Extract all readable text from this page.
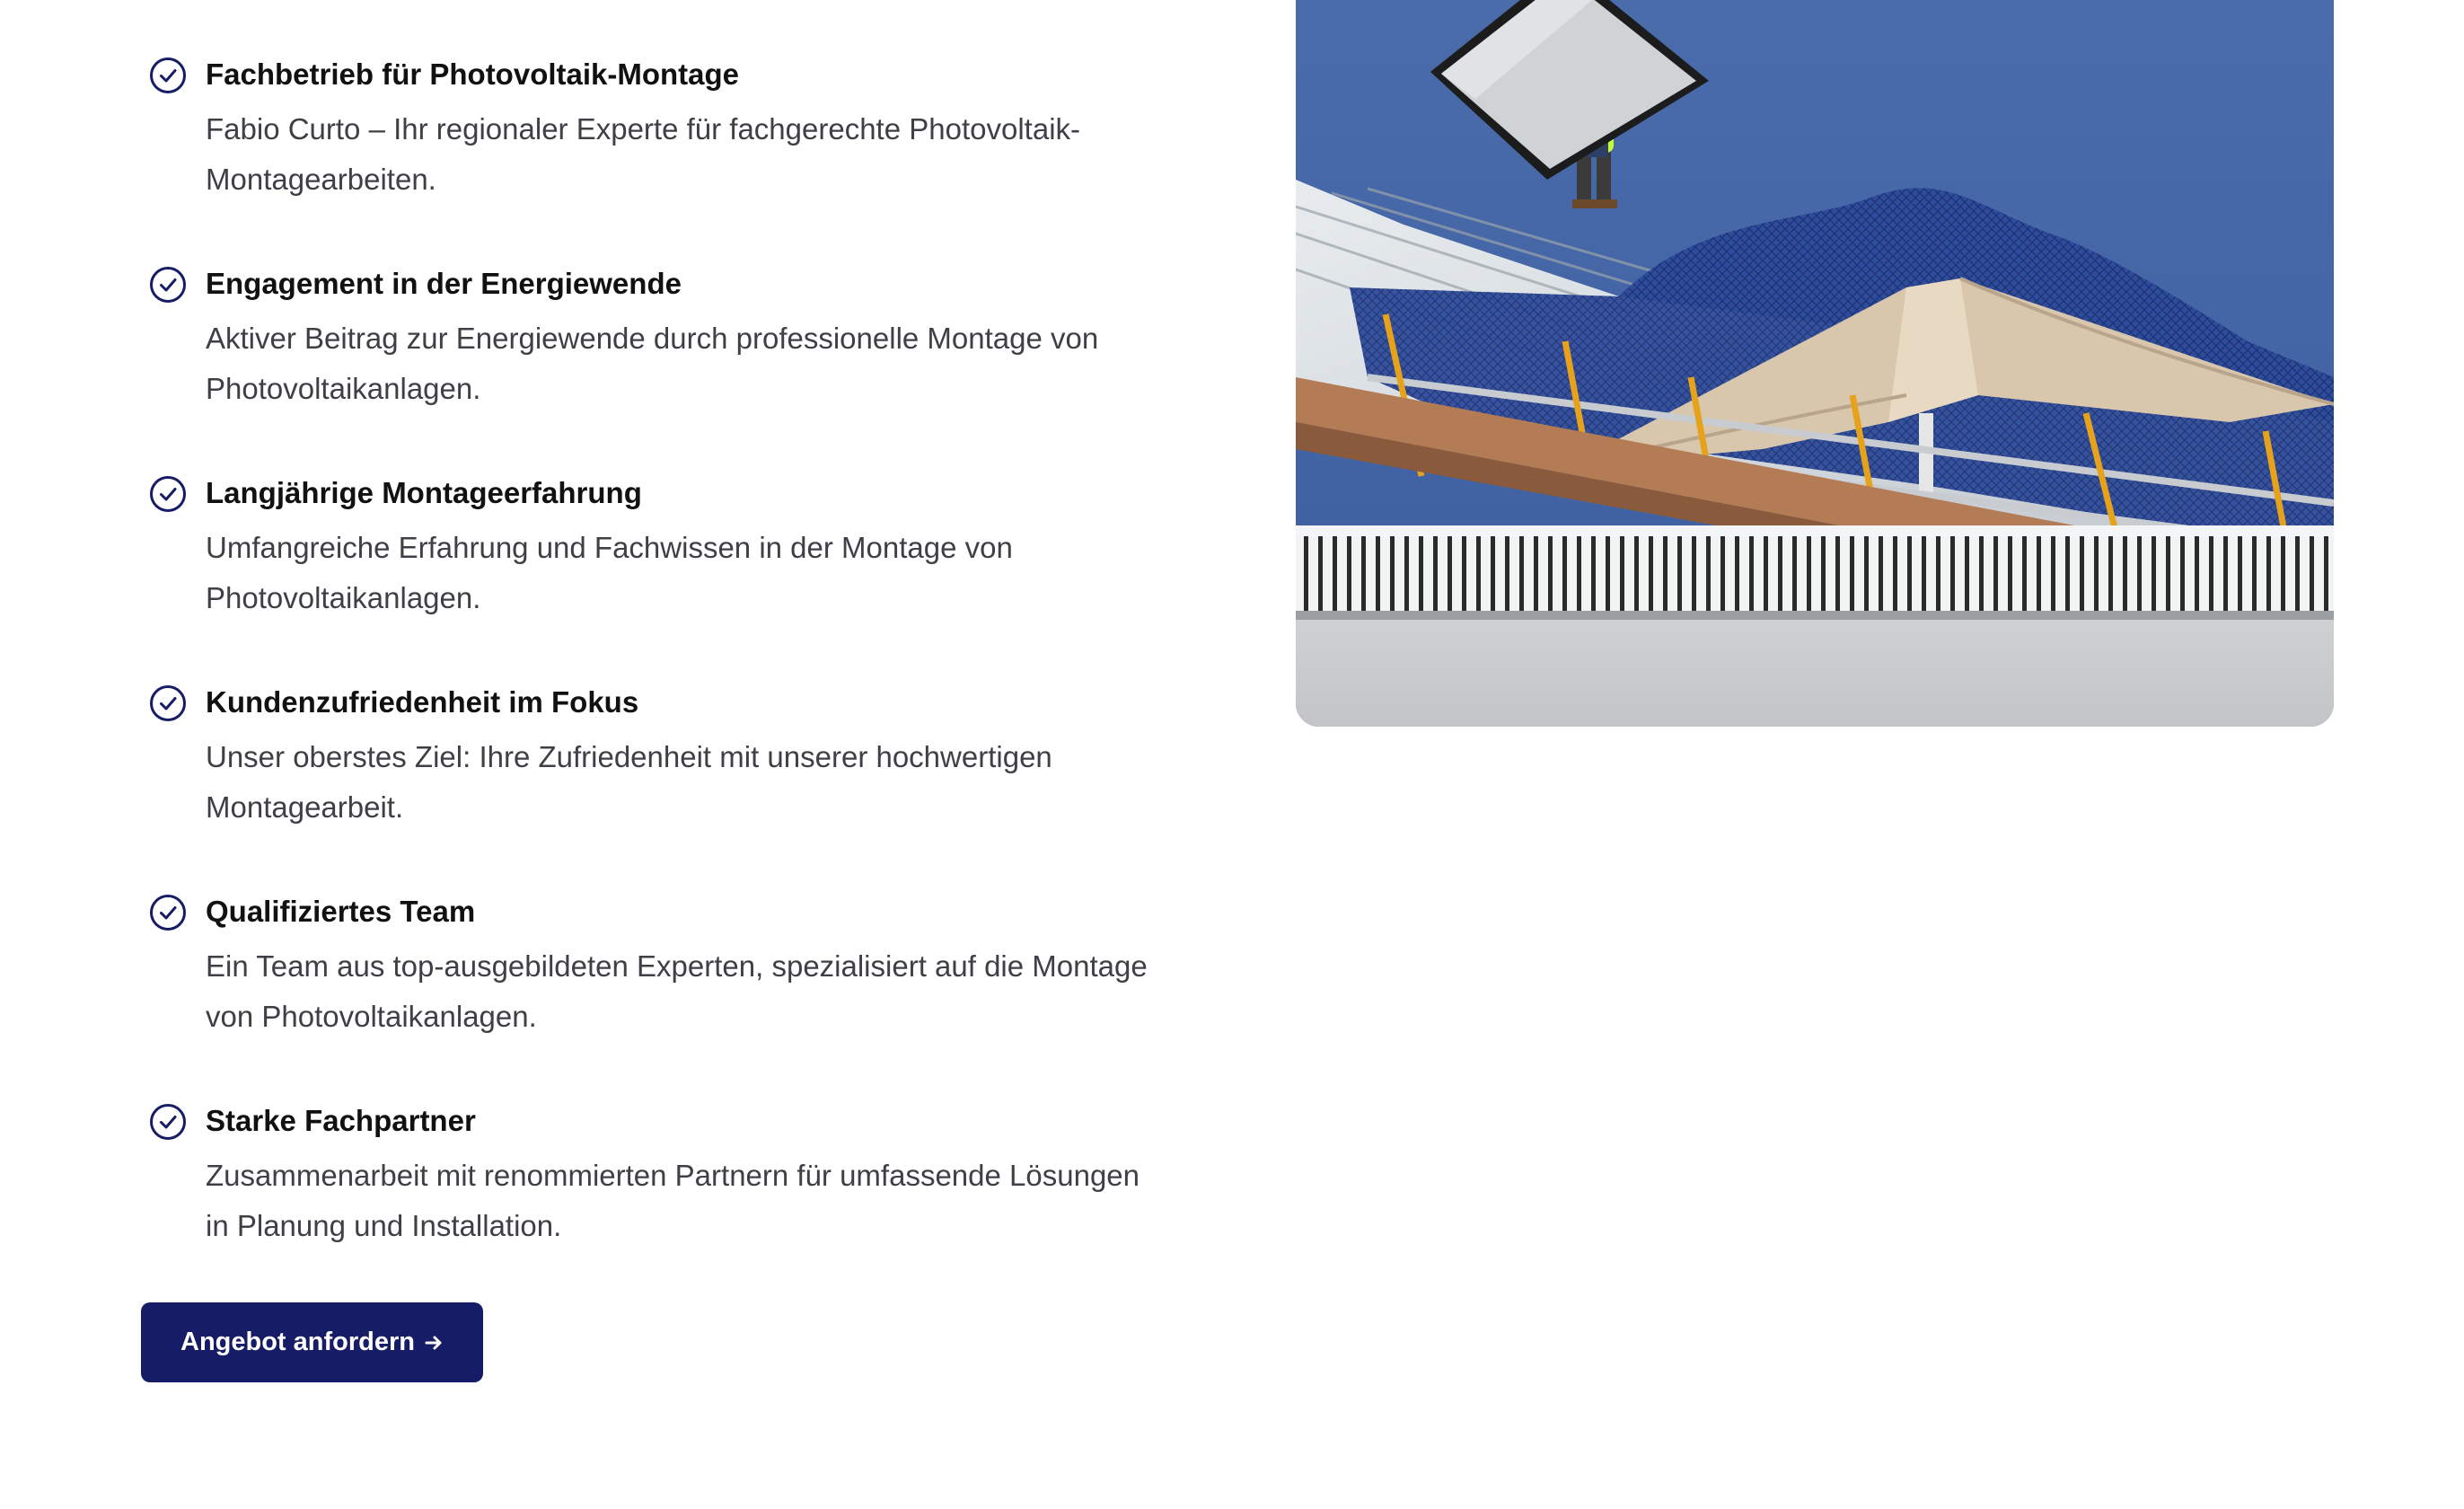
Fachbetrieb für Photovoltaik-Montage
Fabio Curto – Ihr regionaler Experte für fachgerechte Photovoltaik-Montagearbeiten.
Engagement in der Energiewende
Aktiver Beitrag zur Energiewende durch professionelle Montage von Photovoltaikanlagen.
Langjährige Montageerfahrung
Umfangreiche Erfahrung und Fachwissen in der Montage von Photovoltaikanlagen.
Kundenzufriedenheit im Fokus
Unser oberstes Ziel: Ihre Zufriedenheit mit unserer hochwertigen Montagearbeit.
Qualifiziertes Team
Ein Team aus top-ausgebildeten Experten, spezialisiert auf die Montage von Photovoltaikanlagen.
Starke Fachpartner
Zusammenarbeit mit renommierten Partnern für umfassende Lösungen in Planung und Installation.
Angebot anfordern
